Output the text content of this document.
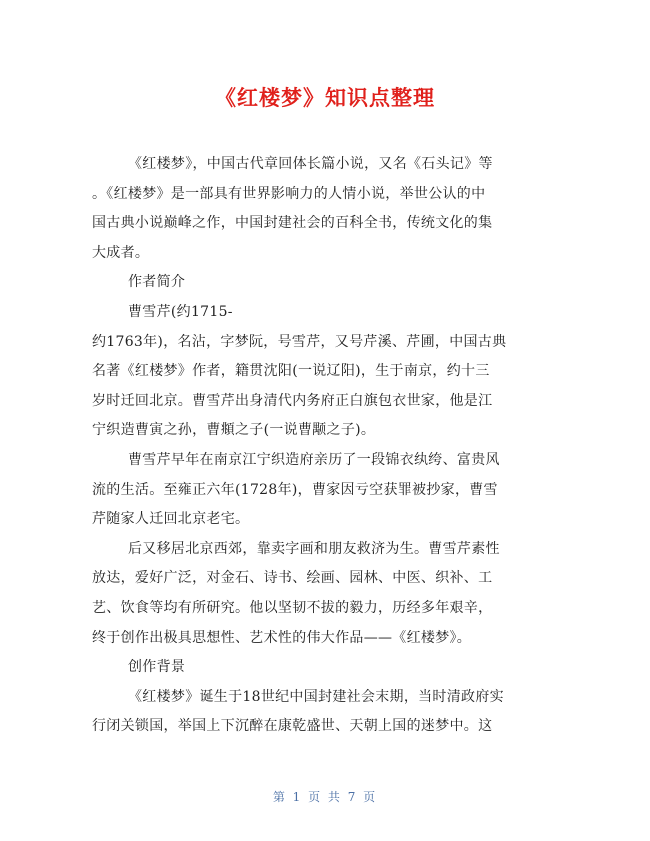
《红楼梦》知识点整理

《红楼梦》，中国古代章回体长篇小说，又名《石头记》等

。《红楼梦》是一部具有世界影响力的人情小说，举世公认的中

国古典小说巅峰之作，中国封建社会的百科全书，传统文化的集

大成者。

作者简介

曹雪芹(约1715-

约1763年)，名沾，字梦阮，号雪芹，又号芹溪、芹圃，中国古典

名著《红楼梦》作者，籍贯沈阳(一说辽阳)，生于南京，约十三

岁时迁回北京。曹雪芹出身清代内务府正白旗包衣世家，他是江

宁织造曹寅之孙，曹頫之子(一说曹颙之子)。

曹雪芹早年在南京江宁织造府亲历了一段锦衣纨绔、富贵风

流的生活。至雍正六年(1728年)，曹家因亏空获罪被抄家，曹雪

芹随家人迁回北京老宅。

后又移居北京西郊，靠卖字画和朋友救济为生。曹雪芹素性

放达，爱好广泛，对金石、诗书、绘画、园林、中医、织补、工

艺、饮食等均有所研究。他以坚韧不拔的毅力，历经多年艰辛，

终于创作出极具思想性、艺术性的伟大作品——《红楼梦》。

创作背景

《红楼梦》诞生于18世纪中国封建社会末期，当时清政府实

行闭关锁国，举国上下沉醉在康乾盛世、天朝上国的迷梦中。这

第 1 页 共 7 页
